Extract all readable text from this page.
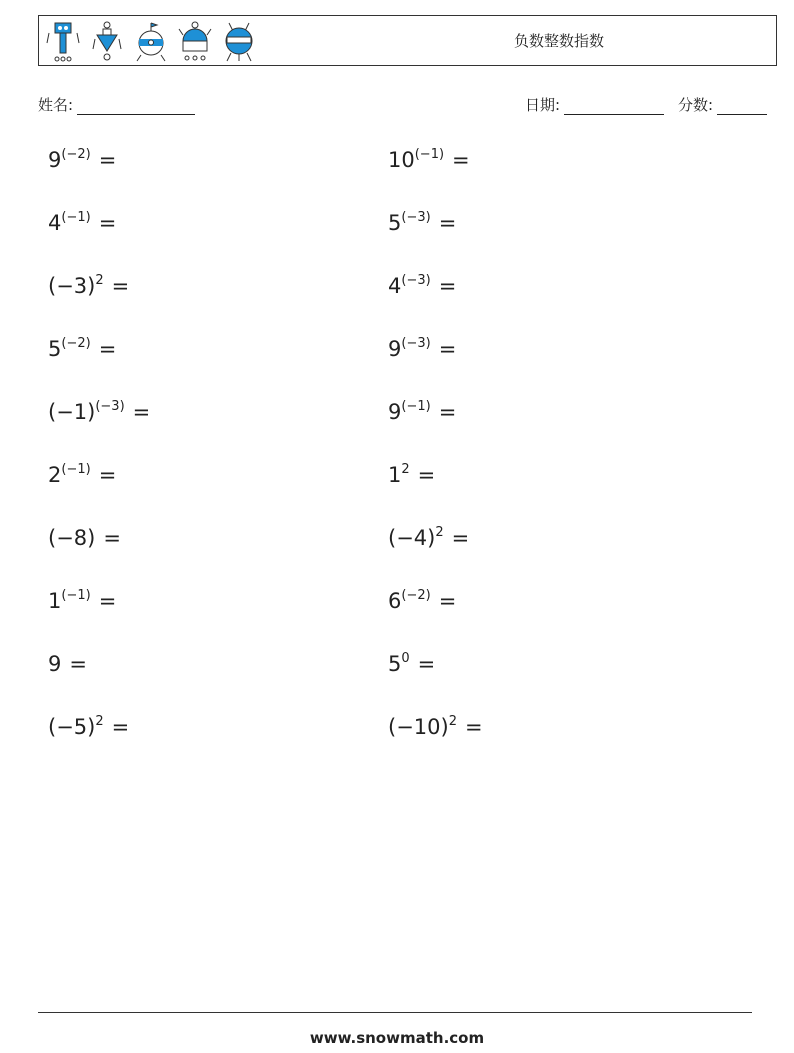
负数整数指数
姓名:	日期:	分数:
$9^{(-2)}$ =
$4^{(-1)}$ =
$(-3)^2$ =
$5^{(-2)}$ =
$(-1)^{(-3)}$ =
$2^{(-1)}$ =
(−8) =
$1^{(-1)}$ =
9 =
$(-5)^2$ =
$10^{(-1)}$ =
$5^{(-3)}$ =
$4^{(-3)}$ =
$9^{(-3)}$ =
$9^{(-1)}$ =
$1^2$ =
$(-4)^2$ =
$6^{(-2)}$ =
$5^0$ =
$(-10)^2$ =
www.snowmath.com
